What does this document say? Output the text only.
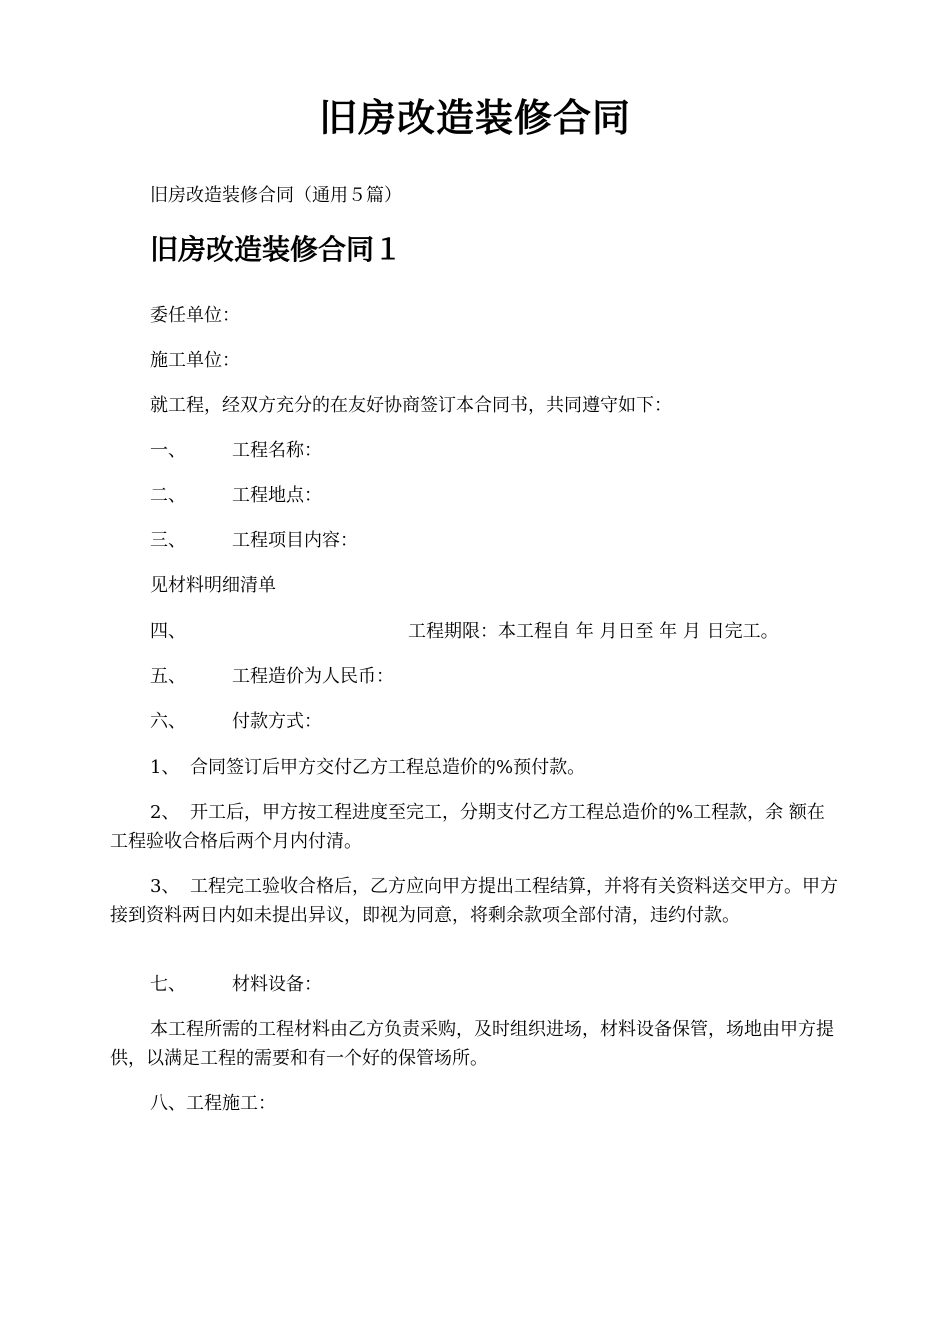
旧房改造装修合同
旧房改造装修合同（通用５篇）
旧房改造装修合同１
委任单位：
施工单位：
就工程，经双方充分的在友好协商签订本合同书，共同遵守如下：
一、	工程名称：
二、	工程地点：
三、	工程项目内容：
见材料明细清单
四、	工程期限：本工程自 年 月日至 年 月 日完工。
五、	工程造价为人民币：
六、	付款方式：
1、 合同签订后甲方交付乙方工程总造价的%预付款。
2、 开工后，甲方按工程进度至完工，分期支付乙方工程总造价的%工程款，余 额在工程验收合格后两个月内付清。
3、 工程完工验收合格后，乙方应向甲方提出工程结算，并将有关资料送交甲方。甲方接到资料两日内如未提出异议，即视为同意，将剩余款项全部付清，违约付款。
七、	材料设备：
本工程所需的工程材料由乙方负责采购，及时组织进场，材料设备保管，场地由甲方提供，以满足工程的需要和有一个好的保管场所。
八、工程施工：
